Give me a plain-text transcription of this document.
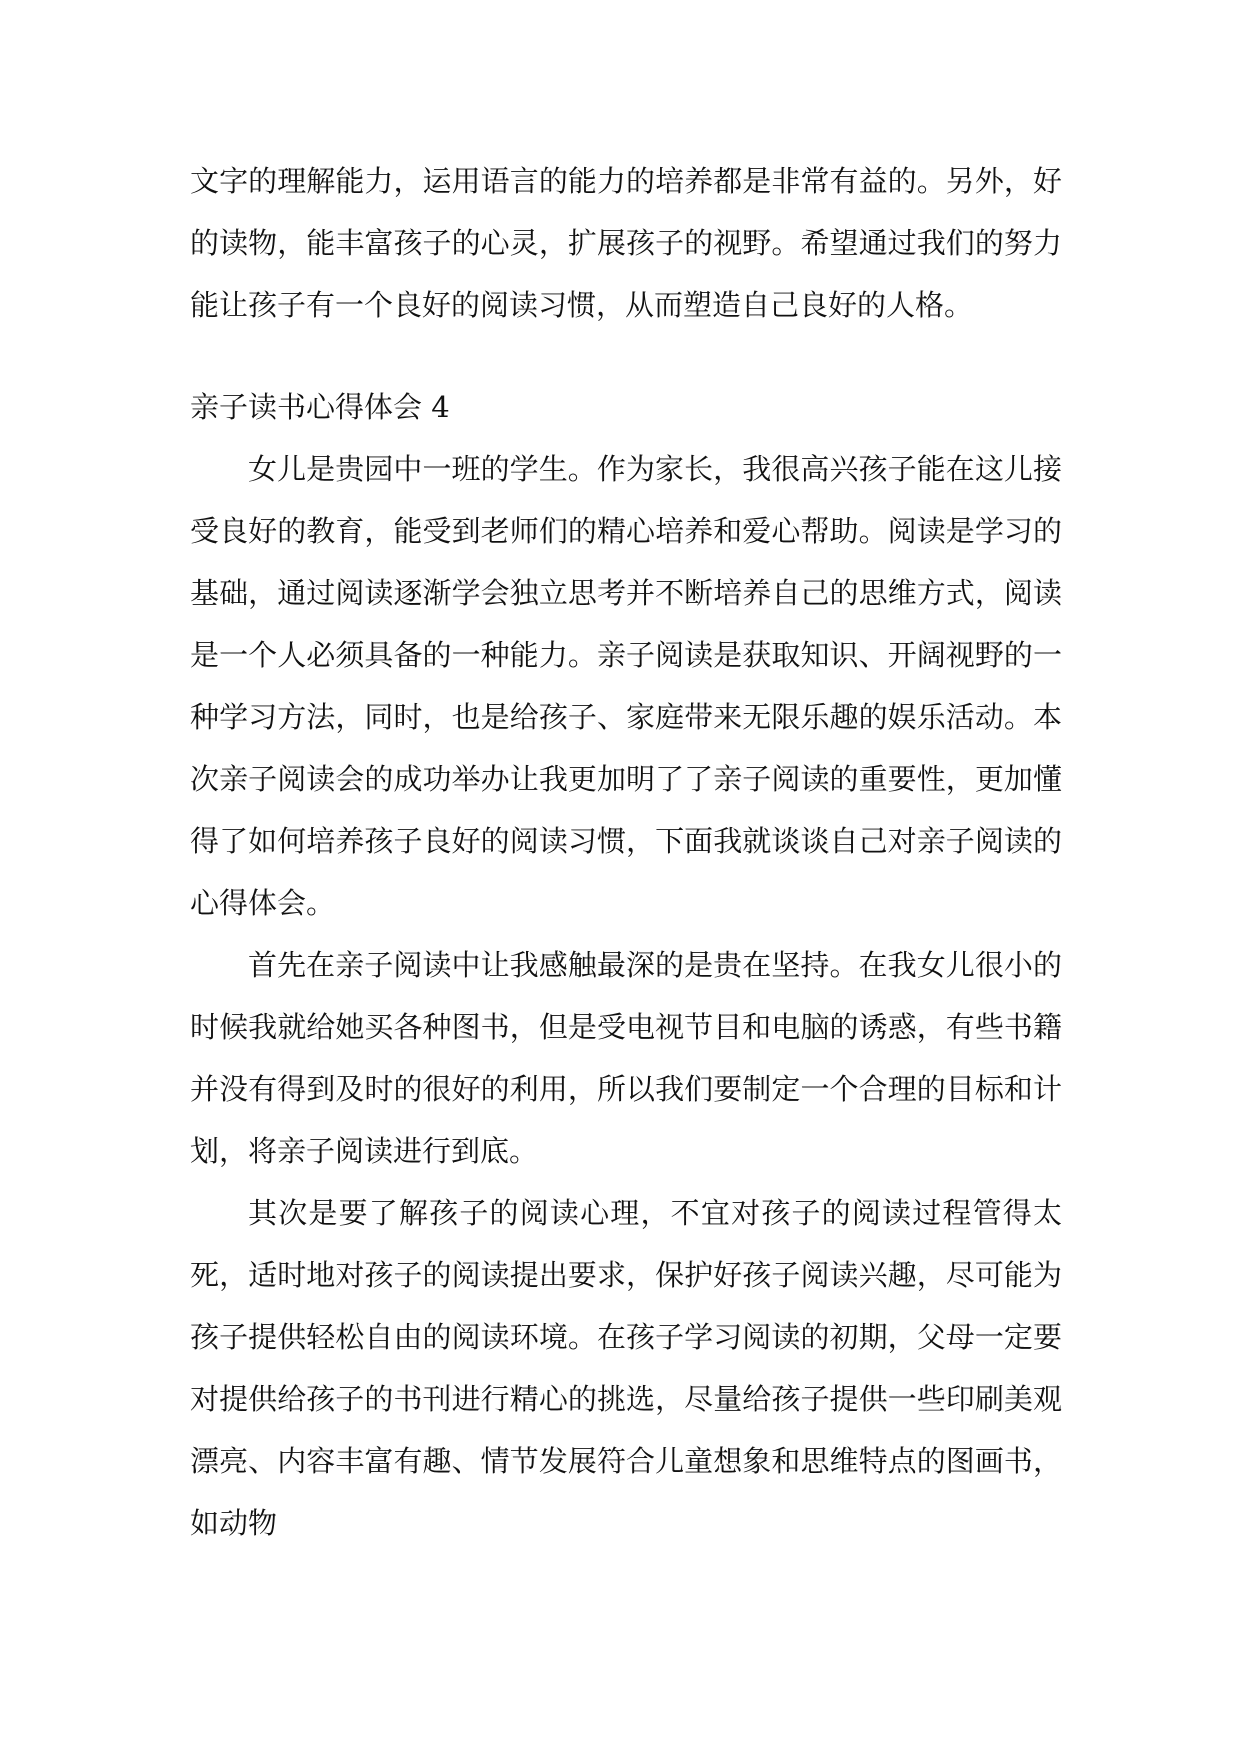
文字的理解能力，运用语言的能力的培养都是非常有益的。另外，好的读物，能丰富孩子的心灵，扩展孩子的视野。希望通过我们的努力能让孩子有一个良好的阅读习惯，从而塑造自己良好的人格。

亲子读书心得体会 4

女儿是贵园中一班的学生。作为家长，我很高兴孩子能在这儿接受良好的教育，能受到老师们的精心培养和爱心帮助。阅读是学习的基础，通过阅读逐渐学会独立思考并不断培养自己的思维方式，阅读是一个人必须具备的一种能力。亲子阅读是获取知识、开阔视野的一种学习方法，同时，也是给孩子、家庭带来无限乐趣的娱乐活动。本次亲子阅读会的成功举办让我更加明了了亲子阅读的重要性，更加懂得了如何培养孩子良好的阅读习惯，下面我就谈谈自己对亲子阅读的心得体会。

首先在亲子阅读中让我感触最深的是贵在坚持。在我女儿很小的时候我就给她买各种图书，但是受电视节目和电脑的诱惑，有些书籍并没有得到及时的很好的利用，所以我们要制定一个合理的目标和计划，将亲子阅读进行到底。

其次是要了解孩子的阅读心理，不宜对孩子的阅读过程管得太死，适时地对孩子的阅读提出要求，保护好孩子阅读兴趣，尽可能为孩子提供轻松自由的阅读环境。在孩子学习阅读的初期，父母一定要对提供给孩子的书刊进行精心的挑选，尽量给孩子提供一些印刷美观漂亮、内容丰富有趣、情节发展符合儿童想象和思维特点的图画书，如动物
